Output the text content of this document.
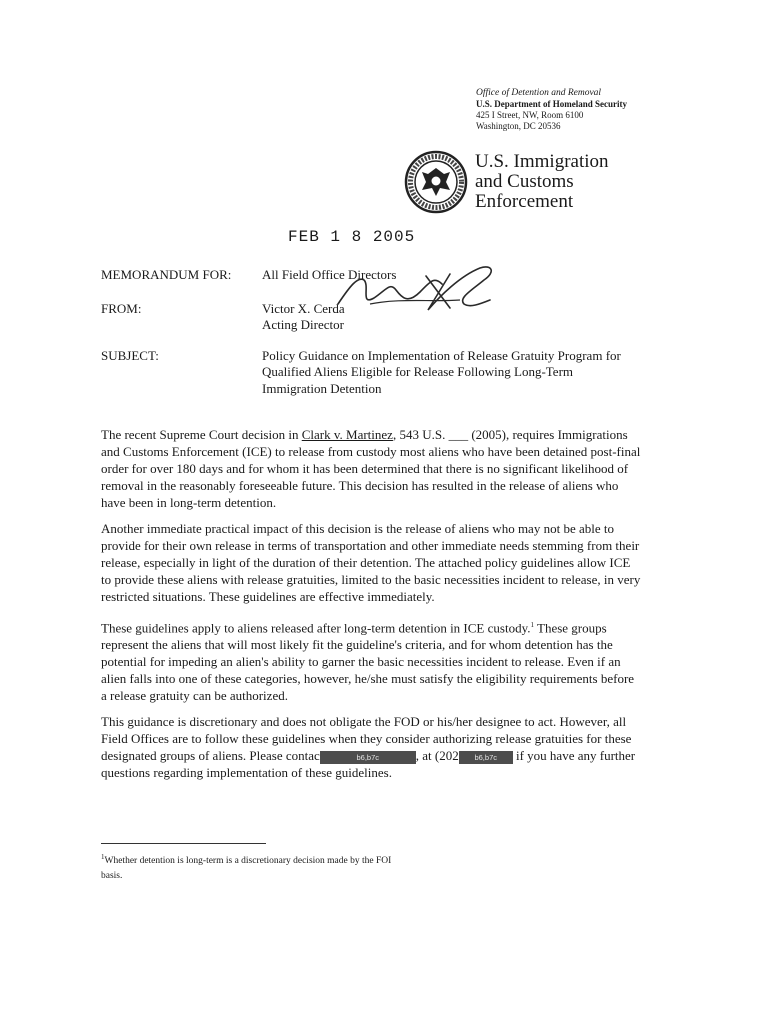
Office of Detention and Removal
U.S. Department of Homeland Security
425 I Street, NW, Room 6100
Washington, DC 20536
U.S. Immigration
and Customs
Enforcement
FEB 1 8 2005
MEMORANDUM FOR: All Field Office Directors
FROM:	Victor X. Cerda
Acting Director
SUBJECT:	Policy Guidance on Implementation of Release Gratuity Program for
Qualified Aliens Eligible for Release Following Long-Term
Immigration Detention

The recent Supreme Court decision in Clark v. Martinez, 543 U.S. ___ (2005), requires Immigrations and Customs Enforcement (ICE) to release from custody most aliens who have been detained post-final order for over 180 days and for whom it has been determined that there is no significant likelihood of removal in the reasonably foreseeable future. This decision has resulted in the release of aliens who have been in long-term detention.

Another immediate practical impact of this decision is the release of aliens who may not be able to provide for their own release in terms of transportation and other immediate needs stemming from their release, especially in light of the duration of their detention. The attached policy guidelines allow ICE to provide these aliens with release gratuities, limited to the basic necessities incident to release, in very restricted situations. These guidelines are effective immediately.

These guidelines apply to aliens released after long-term detention in ICE custody.$^1$ These groups represent the aliens that will most likely fit the guideline's criteria, and for whom detention has the potential for impeding an alien's ability to garner the basic necessities incident to release. Even if an alien falls into one of these categories, however, he/she must satisfy the eligibility requirements before a release gratuity can be authorized.

This guidance is discretionary and does not obligate the FOD or his/her designee to act. However, all Field Offices are to follow these guidelines when they consider authorizing release gratuities for these designated groups of aliens. Please contac	b6,b7c	, at (202 b6,b7c if you have any further questions regarding implementation of these guidelines.

$^1$Whether detention is long-term is a discretionary decision made by the FOI
basis.
